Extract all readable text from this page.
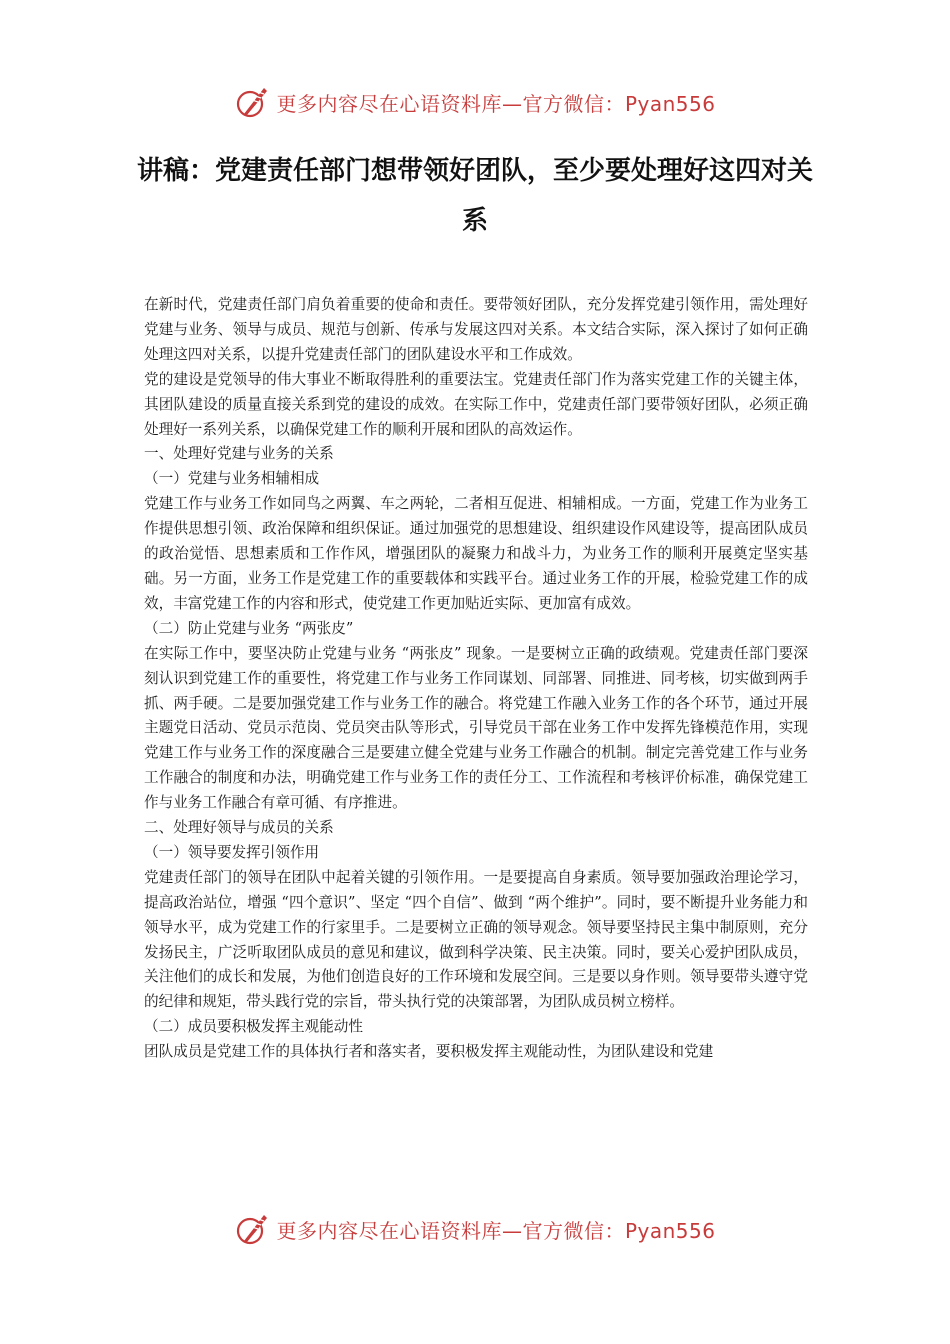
更多内容尽在心语资料库—官方微信：Pyan556
讲稿：党建责任部门想带领好团队，至少要处理好这四对关系

在新时代，党建责任部门肩负着重要的使命和责任。要带领好团队，充分发挥党建引领作用，需处理好党建与业务、领导与成员、规范与创新、传承与发展这四对关系。本文结合实际，深入探讨了如何正确处理这四对关系，以提升党建责任部门的团队建设水平和工作成效。

党的建设是党领导的伟大事业不断取得胜利的重要法宝。党建责任部门作为落实党建工作的关键主体，其团队建设的质量直接关系到党的建设的成效。在实际工作中，党建责任部门要带领好团队，必须正确处理好一系列关系，以确保党建工作的顺利开展和团队的高效运作。

一、处理好党建与业务的关系

（一）党建与业务相辅相成

党建工作与业务工作如同鸟之两翼、车之两轮，二者相互促进、相辅相成。一方面，党建工作为业务工作提供思想引领、政治保障和组织保证。通过加强党的思想建设、组织建设作风建设等，提高团队成员的政治觉悟、思想素质和工作作风，增强团队的凝聚力和战斗力，为业务工作的顺利开展奠定坚实基础。另一方面，业务工作是党建工作的重要载体和实践平台。通过业务工作的开展，检验党建工作的成效，丰富党建工作的内容和形式，使党建工作更加贴近实际、更加富有成效。

（二）防止党建与业务 “两张皮”

在实际工作中，要坚决防止党建与业务 “两张皮” 现象。一是要树立正确的政绩观。党建责任部门要深刻认识到党建工作的重要性，将党建工作与业务工作同谋划、同部署、同推进、同考核，切实做到两手抓、两手硬。二是要加强党建工作与业务工作的融合。将党建工作融入业务工作的各个环节，通过开展主题党日活动、党员示范岗、党员突击队等形式，引导党员干部在业务工作中发挥先锋模范作用，实现党建工作与业务工作的深度融合三是要建立健全党建与业务工作融合的机制。制定完善党建工作与业务工作融合的制度和办法，明确党建工作与业务工作的责任分工、工作流程和考核评价标准，确保党建工作与业务工作融合有章可循、有序推进。

二、处理好领导与成员的关系

（一）领导要发挥引领作用

党建责任部门的领导在团队中起着关键的引领作用。一是要提高自身素质。领导要加强政治理论学习，提高政治站位，增强 “四个意识”、坚定 “四个自信”、做到 “两个维护”。同时，要不断提升业务能力和领导水平，成为党建工作的行家里手。二是要树立正确的领导观念。领导要坚持民主集中制原则，充分发扬民主，广泛听取团队成员的意见和建议，做到科学决策、民主决策。同时，要关心爱护团队成员，关注他们的成长和发展，为他们创造良好的工作环境和发展空间。三是要以身作则。领导要带头遵守党的纪律和规矩，带头践行党的宗旨，带头执行党的决策部署，为团队成员树立榜样。

（二）成员要积极发挥主观能动性

团队成员是党建工作的具体执行者和落实者，要积极发挥主观能动性，为团队建设和党建

更多内容尽在心语资料库—官方微信：Pyan556
